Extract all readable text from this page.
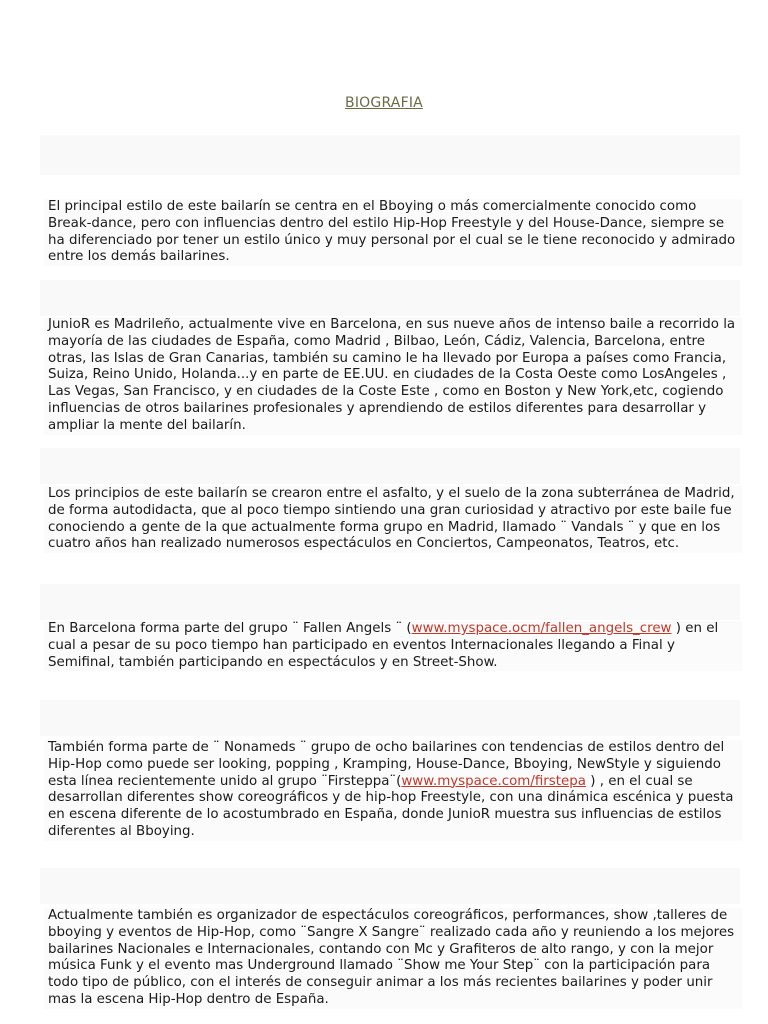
BIOGRAFIA

El principal estilo de este bailarín se centra en el Bboying o más comercialmente conocido como Break-dance, pero con influencias dentro del estilo Hip-Hop Freestyle y del House-Dance, siempre se ha diferenciado por tener un estilo único y muy personal por el cual se le tiene reconocido y admirado entre los demás bailarines.

JunioR es Madrileño, actualmente vive en Barcelona, en sus nueve años de intenso baile a recorrido la mayoría de las ciudades de España, como Madrid , Bilbao, León, Cádiz, Valencia, Barcelona, entre otras, las Islas de Gran Canarias, también su camino le ha llevado por Europa a países como Francia, Suiza, Reino Unido, Holanda...y en parte de EE.UU. en ciudades de la Costa Oeste como LosAngeles , Las Vegas, San Francisco, y en ciudades de la Coste Este , como en Boston y New York,etc, cogiendo influencias de otros bailarines profesionales y aprendiendo de estilos diferentes para desarrollar y ampliar la mente del bailarín.

Los principios de este bailarín se crearon entre el asfalto, y el suelo de la zona subterránea de Madrid, de forma autodidacta, que al poco tiempo sintiendo una gran curiosidad y atractivo por este baile fue conociendo a gente de la que actualmente forma grupo en Madrid, llamado ¨ Vandals ¨ y que en los cuatro años han realizado numerosos espectáculos en Conciertos, Campeonatos, Teatros, etc.

En Barcelona forma parte del grupo ¨ Fallen Angels ¨ (www.myspace.ocm/fallen_angels_crew ) en el cual a pesar de su poco tiempo han participado en eventos Internacionales llegando a Final y Semifinal, también participando en espectáculos y en Street-Show.

También forma parte de ¨ Nonameds ¨ grupo de ocho bailarines con tendencias de estilos dentro del Hip-Hop como puede ser looking, popping , Kramping, House-Dance, Bboying, NewStyle y siguiendo esta línea recientemente unido al grupo ¨Firsteppa¨(www.myspace.com/firstepa ) , en el cual se desarrollan diferentes show coreográficos y de hip-hop Freestyle, con una dinámica escénica y puesta en escena diferente de lo acostumbrado en España, donde JunioR muestra sus influencias de estilos diferentes al Bboying.

Actualmente también es organizador de espectáculos coreográficos, performances, show ,talleres de bboying y eventos de Hip-Hop, como ¨Sangre X Sangre¨ realizado cada año y reuniendo a los mejores bailarines Nacionales e Internacionales, contando con Mc y Grafiteros de alto rango, y con la mejor música Funk y el evento mas Underground llamado ¨Show me Your Step¨ con la participación para todo tipo de público, con el interés de conseguir animar a los más recientes bailarines y poder unir mas la escena Hip-Hop dentro de España.
